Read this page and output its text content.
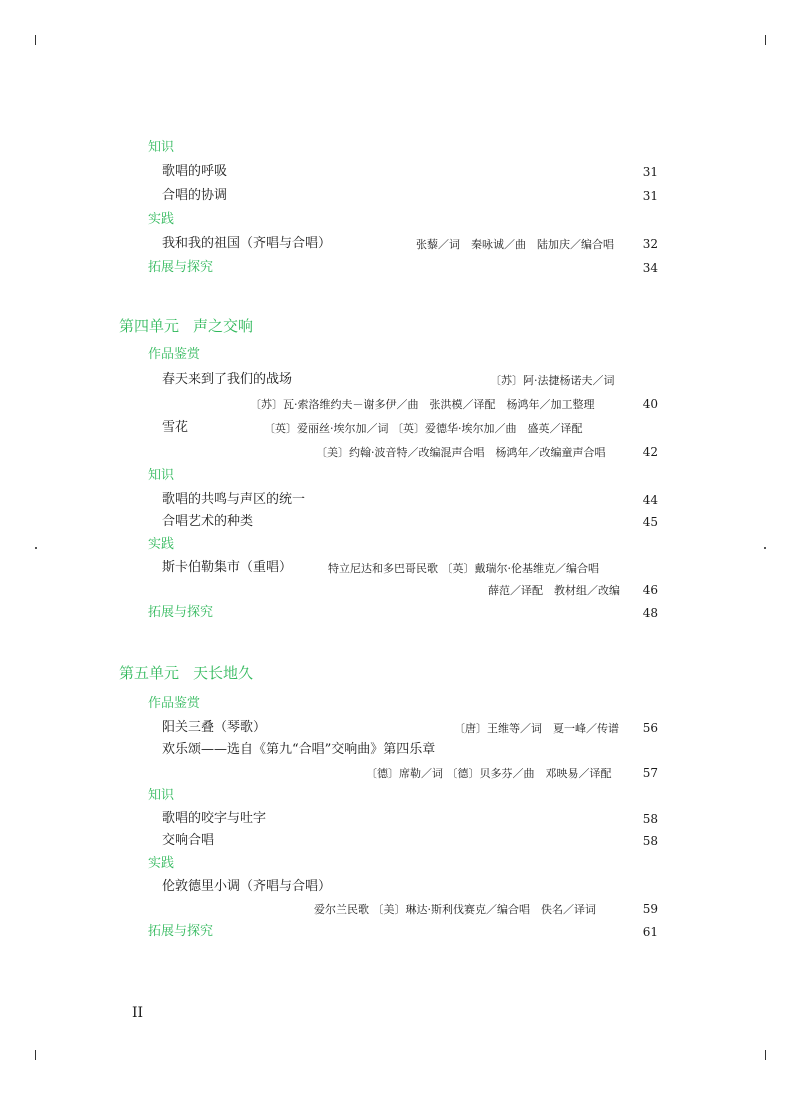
知识
歌唱的呼吸	31
合唱的协调	31
实践
我和我的祖国（齐唱与合唱）	张藜／词　秦咏诚／曲　陆加庆／编合唱 32
拓展与探究	34
第四单元 声之交响
作品鉴赏
春天来到了我们的战场	〔苏〕阿·法捷杨诺夫／词
〔苏〕瓦·索洛维约夫－谢多伊／曲　张洪模／译配　杨鸿年／加工整理	40
雪花	〔英〕爱丽丝·埃尔加／词 〔英〕爱德华·埃尔加／曲　盛英／译配
〔美〕约翰·波音特／改编混声合唱　杨鸿年／改编童声合唱	42
知识
歌唱的共鸣与声区的统一	44
合唱艺术的种类	45
实践
斯卡伯勒集市（重唱）	特立尼达和多巴哥民歌 〔英〕戴瑞尔·伦基维克／编合唱
薛范／译配　教材组／改编 46
拓展与探究	48
第五单元 天长地久
作品鉴赏
阳关三叠（琴歌）	〔唐〕王维等／词　夏一峰／传谱 56
欢乐颂——选自《第九“合唱”交响曲》第四乐章
〔德〕席勒／词 〔德〕贝多芬／曲　邓映易／译配	57
知识
歌唱的咬字与吐字	58
交响合唱	58
实践
伦敦德里小调（齐唱与合唱）
爱尔兰民歌 〔美〕琳达·斯利伐赛克／编合唱　佚名／译词	59
拓展与探究	61
II
